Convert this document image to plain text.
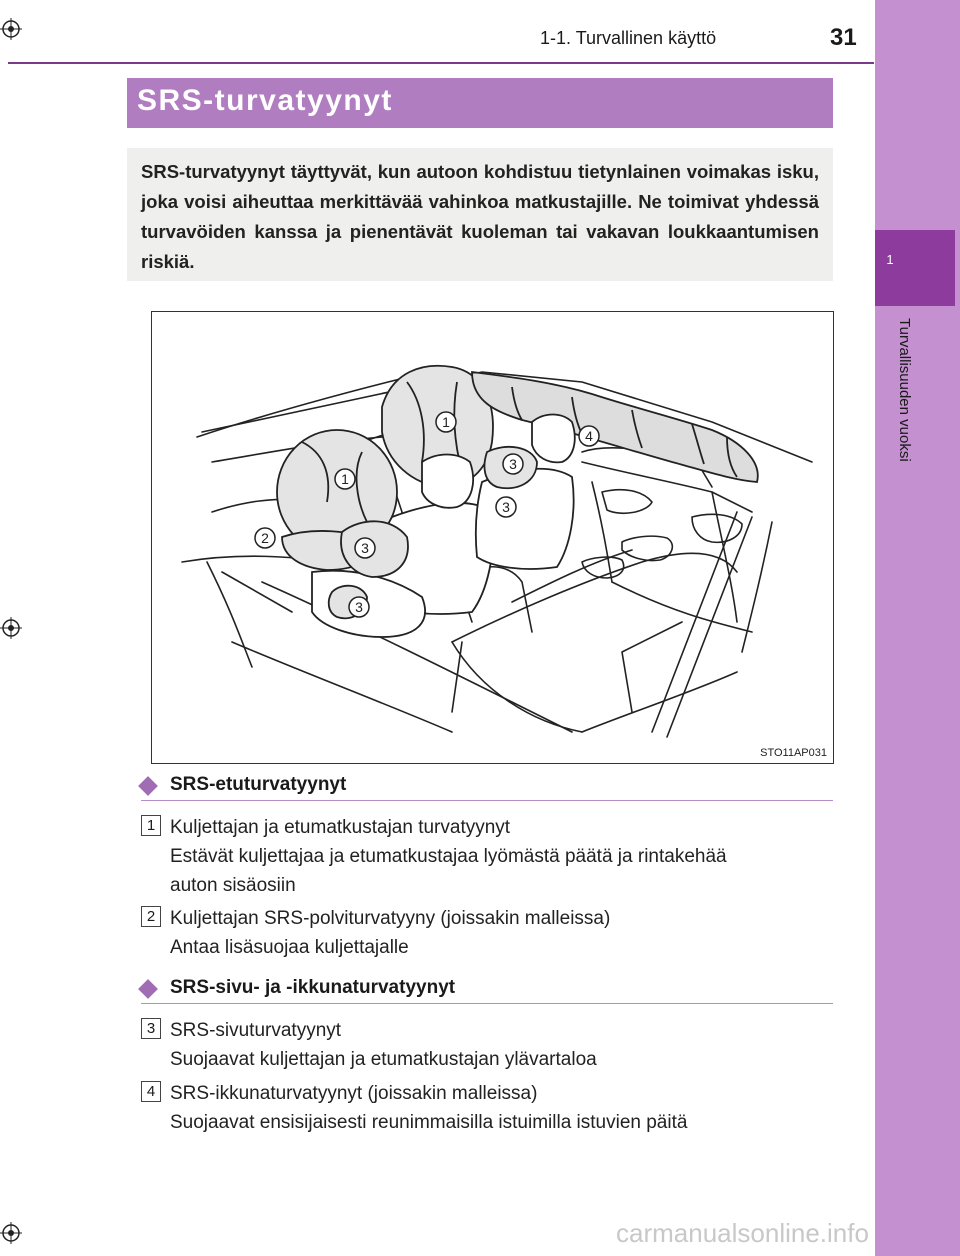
1
Turvallisuuden vuoksi
1-1. Turvallinen käyttö	31
SRS-turvatyynyt

SRS-turvatyynyt täyttyvät, kun autoon kohdistuu tietynlainen voimakas isku, joka voisi aiheuttaa merkittävää vahinkoa matkustajille. Ne toimivat yhdessä turvavöiden kanssa ja pienentävät kuoleman tai vakavan loukkaantumisen riskiä.

1
1
2
3
3
3
3
4
STO11AP031
SRS-etuturvatyynyt
1 Kuljettajan ja etumatkustajan turvatyynyt
Estävät kuljettajaa ja etumatkustajaa lyömästä päätä ja rintakehää
auton sisäosiin
2 Kuljettajan SRS-polviturvatyyny (joissakin malleissa)
Antaa lisäsuojaa kuljettajalle
SRS-sivu- ja -ikkunaturvatyynyt
3 SRS-sivuturvatyynyt
Suojaavat kuljettajan ja etumatkustajan ylävartaloa
4 SRS-ikkunaturvatyynyt (joissakin malleissa)
Suojaavat ensisijaisesti reunimmaisilla istuimilla istuvien päitä
carmanualsonline.info
